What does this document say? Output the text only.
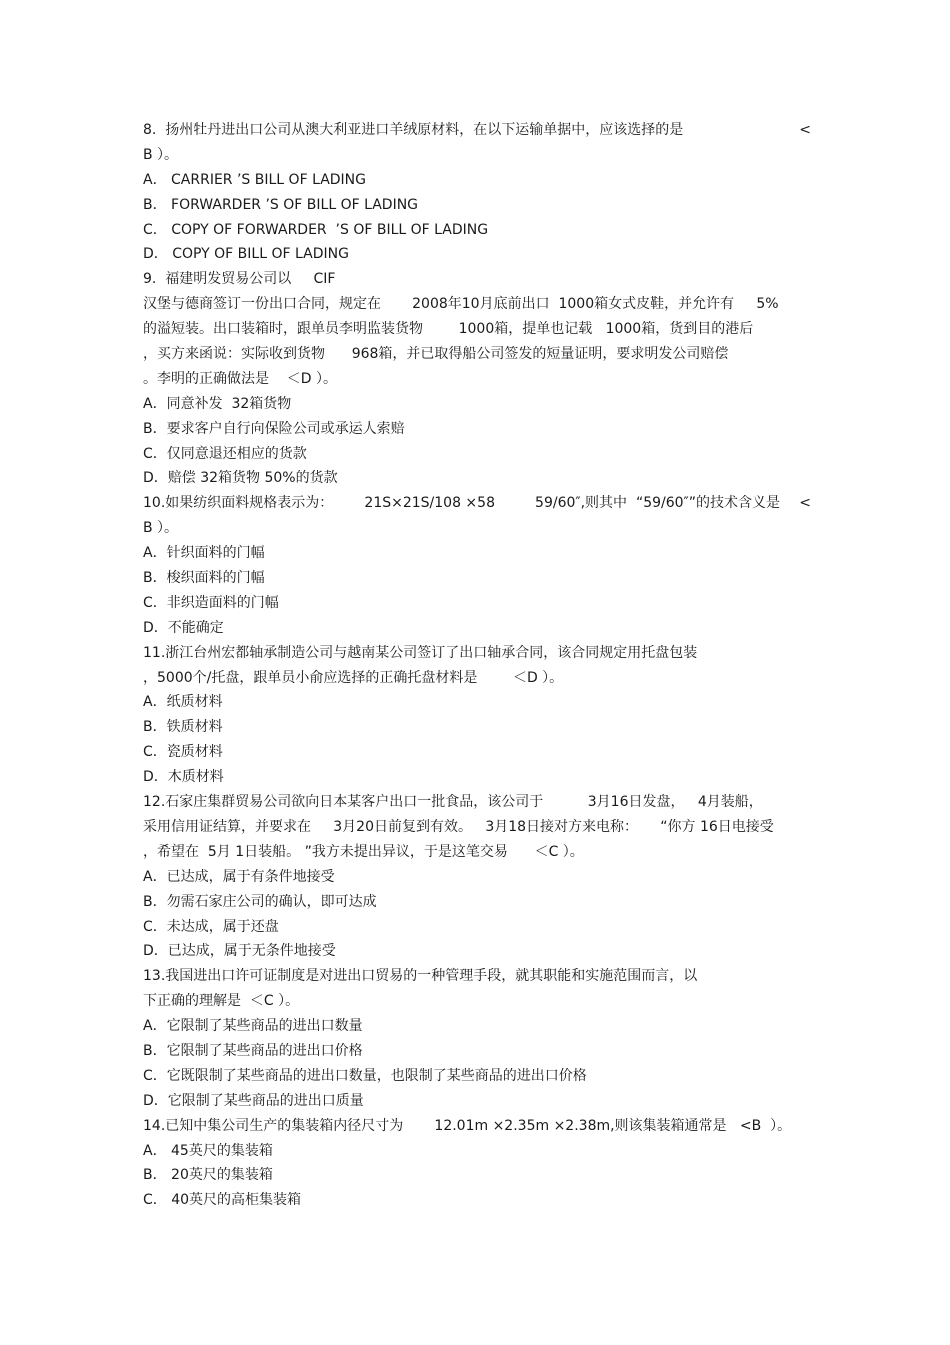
8.  扬州牡丹进出口公司从澳大利亚进口羊绒原材料，在以下运输单据中，应该选择的是	<
B ）。
A． CARRIER ’S BILL OF LADING
B． FORWARDER ’S OF BILL OF LADING
C． COPY OF FORWARDER  ’S OF BILL OF LADING
D． COPY OF BILL OF LADING
9.  福建明发贸易公司以     CIF
汉堡与德商签订一份出口合同，规定在       2008年10月底前出口  1000箱女式皮鞋，并允许有     5%
的溢短装。出口装箱时，跟单员李明监装货物        1000箱，提单也记载   1000箱，货到目的港后
，买方来函说：实际收到货物      968箱，并已取得船公司签发的短量证明，要求明发公司赔偿
。李明的正确做法是    ＜D ）。
A．同意补发  32箱货物
B．要求客户自行向保险公司或承运人索赔
C．仅同意退还相应的货款
D．赔偿 32箱货物 50%的货款
10.如果纺织面料规格表示为：       21S×21S/108 ×58         59/60″,则其中  “59/60″”的技术含义是 <
B ）。
A．针织面料的门幅
B．梭织面料的门幅
C．非织造面料的门幅
D．不能确定
11.浙江台州宏都轴承制造公司与越南某公司签订了出口轴承合同，该合同规定用托盘包装
，5000个/托盘，跟单员小俞应选择的正确托盘材料是        ＜D ）。
A．纸质材料
B．铁质材料
C．瓷质材料
D．木质材料
12.石家庄集群贸易公司欲向日本某客户出口一批食品，该公司于          3月16日发盘，   4月装船，
采用信用证结算，并要求在     3月20日前复到有效。   3月18日接对方来电称：     “你方 16日电接受
，希望在  5月 1日装船。 ”我方未提出异议，于是这笔交易      ＜C ）。
A．已达成，属于有条件地接受
B．勿需石家庄公司的确认，即可达成
C．未达成，属于还盘
D．已达成，属于无条件地接受
13.我国进出口许可证制度是对进出口贸易的一种管理手段，就其职能和实施范围而言，以
下正确的理解是  ＜C ）。
A．它限制了某些商品的进出口数量
B．它限制了某些商品的进出口价格
C．它既限制了某些商品的进出口数量，也限制了某些商品的进出口价格
D．它限制了某些商品的进出口质量
14.已知中集公司生产的集装箱内径尺寸为       12.01m ×2.35m ×2.38m,则该集装箱通常是   <B  ）。
A． 45英尺的集装箱
B． 20英尺的集装箱
C． 40英尺的高柜集装箱
